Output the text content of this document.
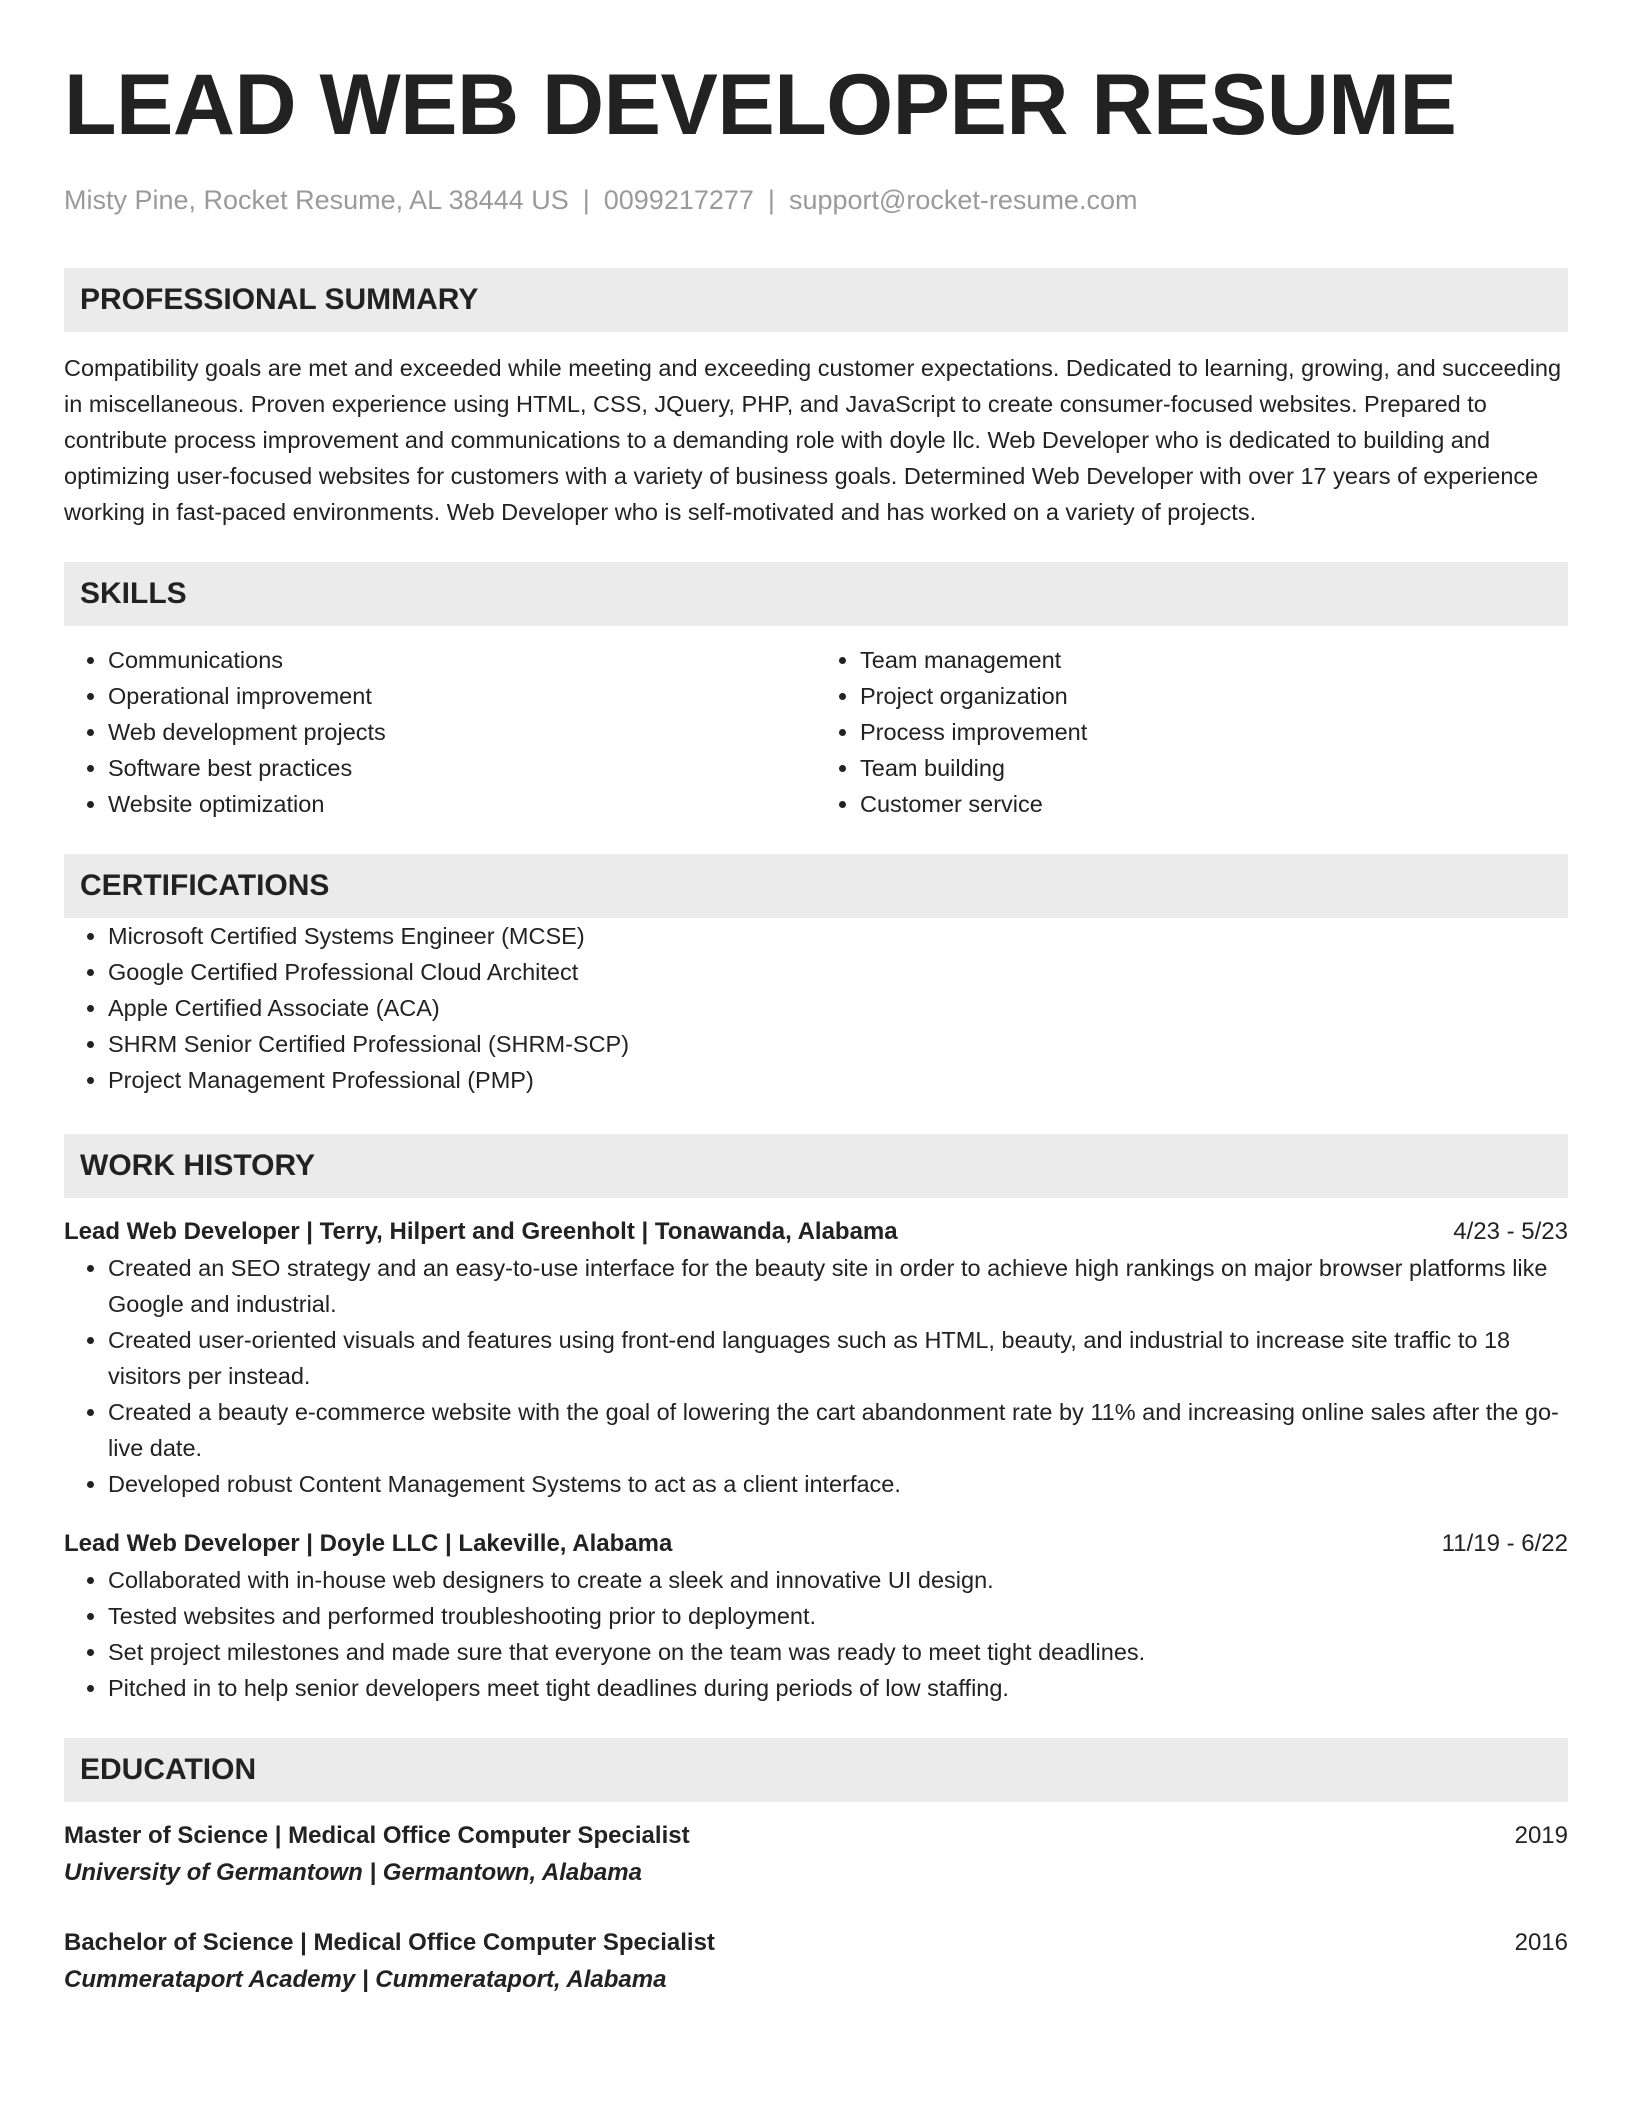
LEAD WEB DEVELOPER RESUME
Misty Pine, Rocket Resume, AL 38444 US | 0099217277 | support@rocket-resume.com
PROFESSIONAL SUMMARY

Compatibility goals are met and exceeded while meeting and exceeding customer expectations. Dedicated to learning, growing, and succeeding in miscellaneous. Proven experience using HTML, CSS, JQuery, PHP, and JavaScript to create consumer-focused websites. Prepared to contribute process improvement and communications to a demanding role with doyle llc. Web Developer who is dedicated to building and optimizing user-focused websites for customers with a variety of business goals. Determined Web Developer with over 17 years of experience working in fast-paced environments. Web Developer who is self-motivated and has worked on a variety of projects.

SKILLS
• Communications
• Operational improvement
• Web development projects
• Software best practices
• Website optimization
• Team management
• Project organization
• Process improvement
• Team building
• Customer service
CERTIFICATIONS
• Microsoft Certified Systems Engineer (MCSE)
• Google Certified Professional Cloud Architect
• Apple Certified Associate (ACA)
• SHRM Senior Certified Professional (SHRM-SCP)
• Project Management Professional (PMP)
WORK HISTORY
Lead Web Developer | Terry, Hilpert and Greenholt | Tonawanda, Alabama	4/23 - 5/23
• Created an SEO strategy and an easy-to-use interface for the beauty site in order to achieve high rankings on major browser platforms like Google and industrial.
• Created user-oriented visuals and features using front-end languages such as HTML, beauty, and industrial to increase site traffic to 18 visitors per instead.
• Created a beauty e-commerce website with the goal of lowering the cart abandonment rate by 11% and increasing online sales after the go-live date.
• Developed robust Content Management Systems to act as a client interface.
Lead Web Developer | Doyle LLC | Lakeville, Alabama	11/19 - 6/22
• Collaborated with in-house web designers to create a sleek and innovative UI design.
• Tested websites and performed troubleshooting prior to deployment.
• Set project milestones and made sure that everyone on the team was ready to meet tight deadlines.
• Pitched in to help senior developers meet tight deadlines during periods of low staffing.
EDUCATION
Master of Science | Medical Office Computer Specialist	2019
University of Germantown | Germantown, Alabama
Bachelor of Science | Medical Office Computer Specialist	2016
Cummerataport Academy | Cummerataport, Alabama
